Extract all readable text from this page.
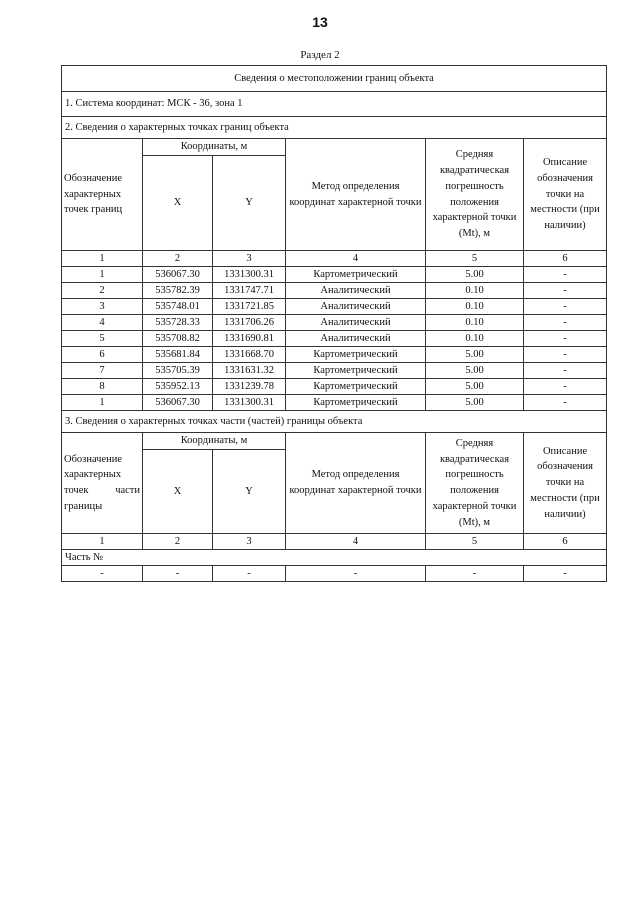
13
Раздел 2
Сведения о местоположении границ объекта					
1. Система координат: МСК - 36, зона 1					
2. Сведения о характерных точках границ объекта					
Обозначение характерных точек границ	Координаты, м		Метод определения координат характерной точки	Средняя квадратическая погрешность положения характерной точки (Mt), м	Описание обозначения точки на местности (при наличии)
	X	Y			
1	2	3	4	5	6
1	536067.30	1331300.31	Картометрический	5.00	-
2	535782.39	1331747.71	Аналитический	0.10	-
3	535748.01	1331721.85	Аналитический	0.10	-
4	535728.33	1331706.26	Аналитический	0.10	-
5	535708.82	1331690.81	Аналитический	0.10	-
6	535681.84	1331668.70	Картометрический	5.00	-
7	535705.39	1331631.32	Картометрический	5.00	-
8	535952.13	1331239.78	Картометрический	5.00	-
1	536067.30	1331300.31	Картометрический	5.00	-
3. Сведения о характерных точках части (частей) границы объекта					
Обозначение характерных точек части границы	Координаты, м		Метод определения координат характерной точки	Средняя квадратическая погрешность положения характерной точки (Mt), м	Описание обозначения точки на местности (при наличии)
	X	Y			
1	2	3	4	5	6
Часть №					
-	-	-	-	-	-
